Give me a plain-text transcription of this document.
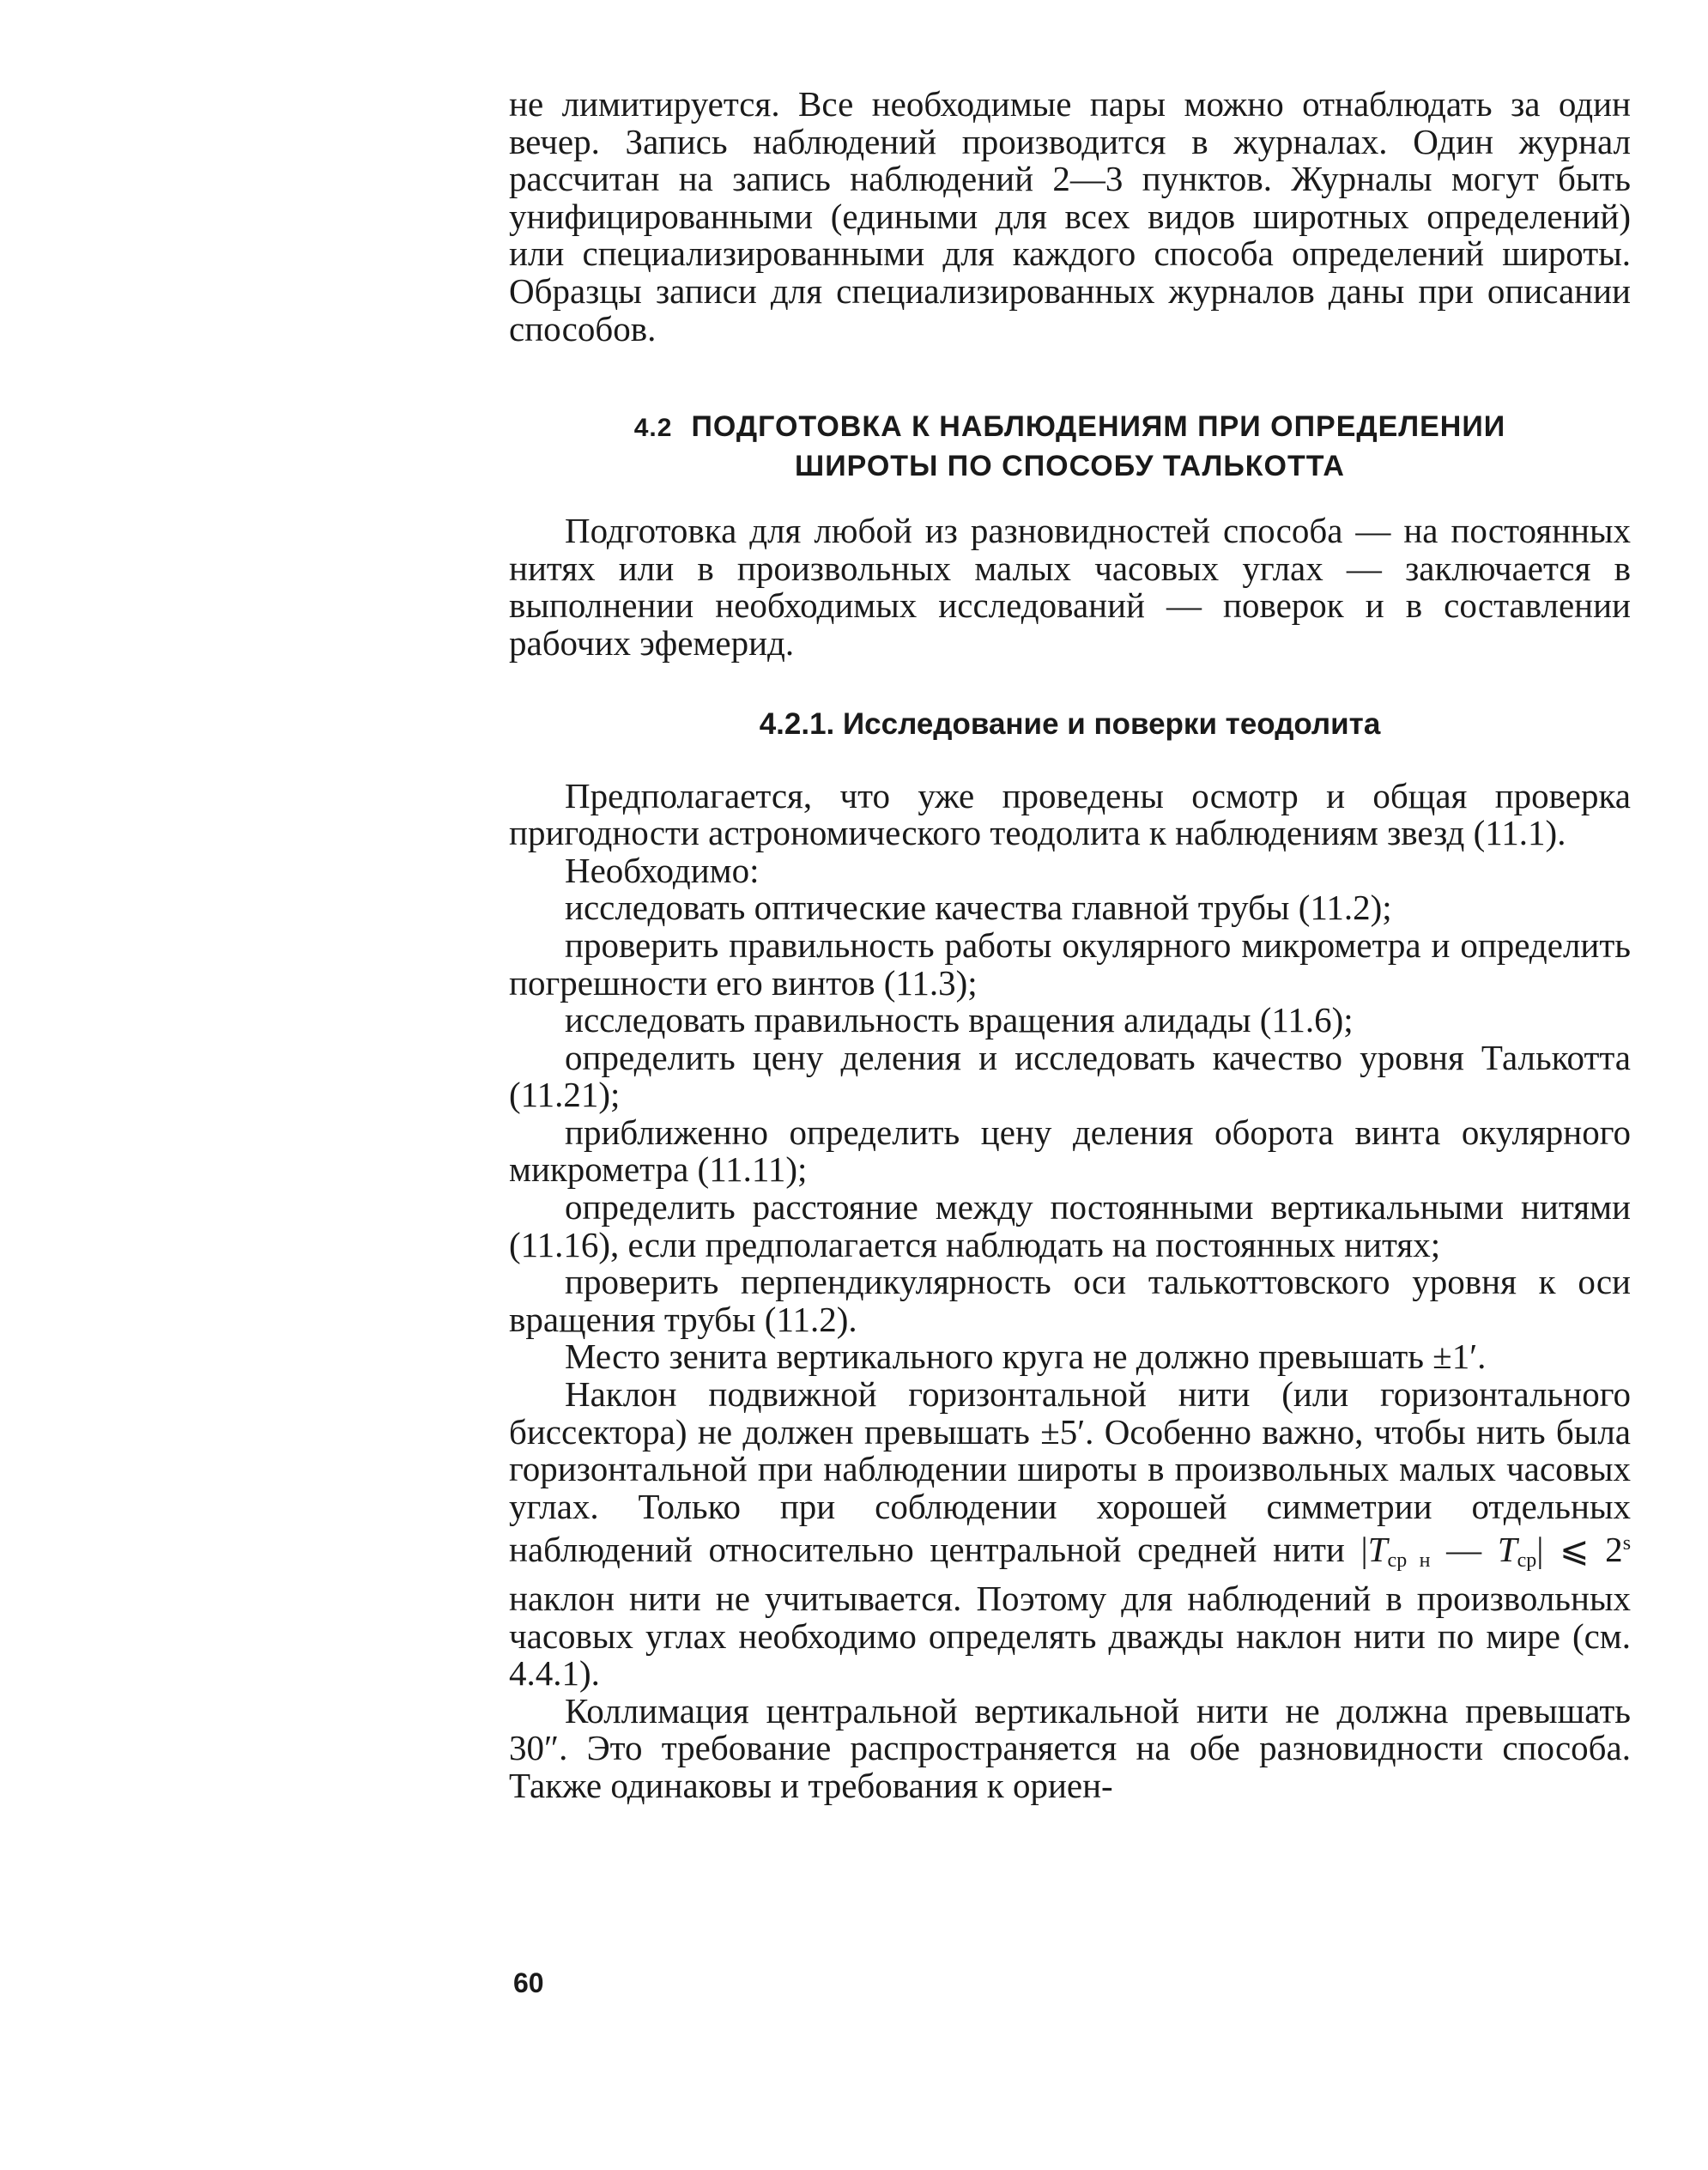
не лимитируется. Все необходимые пары можно отнаблюдать за один вечер. Запись наблюдений производится в журналах. Один журнал рассчитан на запись наблюдений 2—3 пунктов. Журналы могут быть унифицированными (едиными для всех видов широтных определений) или специализированными для каждого способа определений широты. Образцы записи для специализированных журналов даны при описании способов.

4.2 ПОДГОТОВКА К НАБЛЮДЕНИЯМ ПРИ ОПРЕДЕЛЕНИИ
ШИРОТЫ ПО СПОСОБУ ТАЛЬКОТТА

Подготовка для любой из разновидностей способа — на постоянных нитях или в произвольных малых часовых углах — заключается в выполнении необходимых исследований — поверок и в составлении рабочих эфемерид.

4.2.1. Исследование и поверки теодолита

Предполагается, что уже проведены осмотр и общая проверка пригодности астрономического теодолита к наблюдениям звезд (11.1).

Необходимо:

исследовать оптические качества главной трубы (11.2);

проверить правильность работы окулярного микрометра и определить погрешности его винтов (11.3);

исследовать правильность вращения алидады (11.6);

определить цену деления и исследовать качество уровня Талькотта (11.21);

приближенно определить цену деления оборота винта окулярного микрометра (11.11);

определить расстояние между постоянными вертикальными нитями (11.16), если предполагается наблюдать на постоянных нитях;

проверить перпендикулярность оси талькоттовского уровня к оси вращения трубы (11.2).

Место зенита вертикального круга не должно превышать ±1′.

Наклон подвижной горизонтальной нити (или горизонтального биссектора) не должен превышать ±5′. Особенно важно, чтобы нить была горизонтальной при наблюдении широты в произвольных малых часовых углах. Только при соблюдении хорошей симметрии отдельных наблюдений относительно центральной средней нити $|T_{ср н}$ — $T_{ср}|$ ⩽ 2$^s$ наклон нити не учитывается. Поэтому для наблюдений в произвольных часовых углах необходимо определять дважды наклон нити по мире (см. 4.4.1).

Коллимация центральной вертикальной нити не должна превышать 30″. Это требование распространяется на обе разновидности способа. Также одинаковы и требования к ориен-

60
